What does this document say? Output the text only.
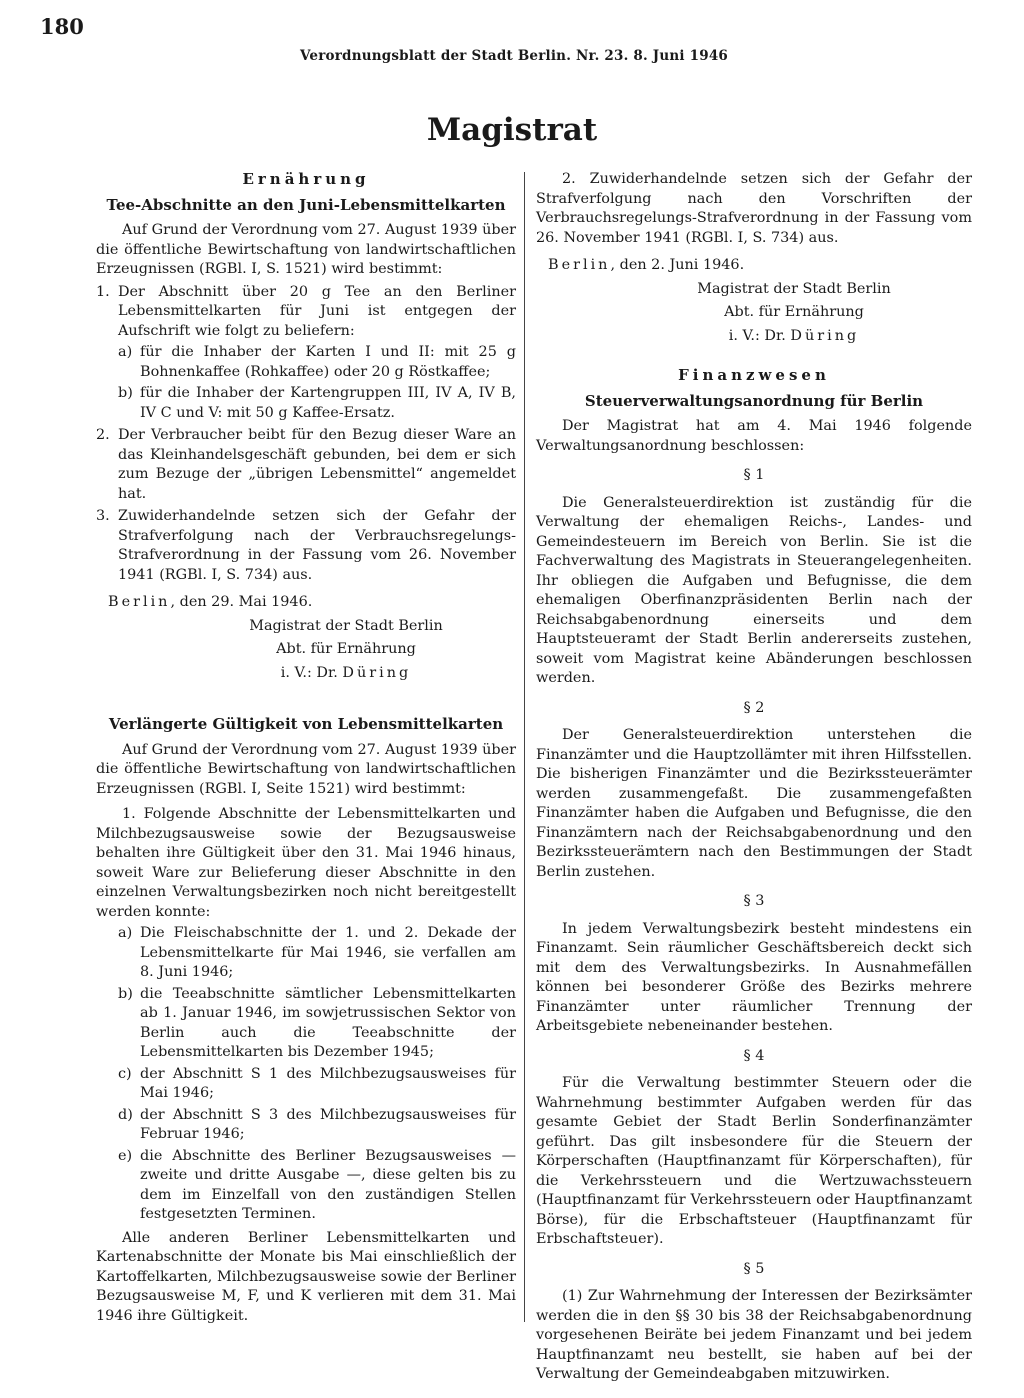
180
Verordnungsblatt der Stadt Berlin. Nr. 23. 8. Juni 1946
Magistrat
Ernährung
Tee-Abschnitte an den Juni-Lebensmittelkarten

Auf Grund der Verordnung vom 27. August 1939 über die öffentliche Bewirtschaftung von landwirtschaftlichen Erzeugnissen (RGBl. I, S. 1521) wird bestimmt:

1. Der Abschnitt über 20 g Tee an den Berliner Lebensmittelkarten für Juni ist entgegen der Aufschrift wie folgt zu beliefern:
a) für die Inhaber der Karten I und II: mit 25 g Bohnenkaffee (Rohkaffee) oder 20 g Röstkaffee;
b) für die Inhaber der Kartengruppen III, IV A, IV B, IV C und V: mit 50 g Kaffee-Ersatz.
2. Der Verbraucher beibt für den Bezug dieser Ware an das Kleinhandelsgeschäft gebunden, bei dem er sich zum Bezuge der „übrigen Lebensmittel“ angemeldet hat.
3. Zuwiderhandelnde setzen sich der Gefahr der Strafverfolgung nach der Verbrauchsregelungs-Strafverordnung in der Fassung vom 26. November 1941 (RGBl. I, S. 734) aus.
Berlin, den 29. Mai 1946.
Magistrat der Stadt Berlin
Abt. für Ernährung
i. V.: Dr. Düring
Verlängerte Gültigkeit von Lebensmittelkarten

Auf Grund der Verordnung vom 27. August 1939 über die öffentliche Bewirtschaftung von landwirtschaftlichen Erzeugnissen (RGBl. I, Seite 1521) wird bestimmt:

1. Folgende Abschnitte der Lebensmittelkarten und Milchbezugsausweise sowie der Bezugsausweise behalten ihre Gültigkeit über den 31. Mai 1946 hinaus, soweit Ware zur Belieferung dieser Abschnitte in den einzelnen Verwaltungsbezirken noch nicht bereitgestellt werden konnte:

a) Die Fleischabschnitte der 1. und 2. Dekade der Lebensmittelkarte für Mai 1946, sie verfallen am 8. Juni 1946;
b) die Teeabschnitte sämtlicher Lebensmittelkarten ab 1. Januar 1946, im sowjetrussischen Sektor von Berlin auch die Teeabschnitte der Lebensmittelkarten bis Dezember 1945;
c) der Abschnitt S 1 des Milchbezugsausweises für Mai 1946;
d) der Abschnitt S 3 des Milchbezugsausweises für Februar 1946;
e) die Abschnitte des Berliner Bezugsausweises — zweite und dritte Ausgabe —, diese gelten bis zu dem im Einzelfall von den zuständigen Stellen festgesetzten Terminen.

Alle anderen Berliner Lebensmittelkarten und Kartenabschnitte der Monate bis Mai einschließlich der Kartoffelkarten, Milchbezugsausweise sowie der Berliner Bezugsausweise M, F, und K verlieren mit dem 31. Mai 1946 ihre Gültigkeit.

2. Zuwiderhandelnde setzen sich der Gefahr der Strafverfolgung nach den Vorschriften der Verbrauchsregelungs-Strafverordnung in der Fassung vom 26. November 1941 (RGBl. I, S. 734) aus.

Berlin, den 2. Juni 1946.
Magistrat der Stadt Berlin
Abt. für Ernährung
i. V.: Dr. Düring
Finanzwesen
Steuerverwaltungsanordnung für Berlin

Der Magistrat hat am 4. Mai 1946 folgende Verwaltungsanordnung beschlossen:

§ 1

Die Generalsteuerdirektion ist zuständig für die Verwaltung der ehemaligen Reichs-, Landes- und Gemeindesteuern im Bereich von Berlin. Sie ist die Fachverwaltung des Magistrats in Steuerangelegenheiten. Ihr obliegen die Aufgaben und Befugnisse, die dem ehemaligen Oberfinanzpräsidenten Berlin nach der Reichsabgabenordnung einerseits und dem Hauptsteueramt der Stadt Berlin andererseits zustehen, soweit vom Magistrat keine Abänderungen beschlossen werden.

§ 2

Der Generalsteuerdirektion unterstehen die Finanzämter und die Hauptzollämter mit ihren Hilfsstellen. Die bisherigen Finanzämter und die Bezirkssteuerämter werden zusammengefaßt. Die zusammengefaßten Finanzämter haben die Aufgaben und Befugnisse, die den Finanzämtern nach der Reichsabgabenordnung und den Bezirkssteuerämtern nach den Bestimmungen der Stadt Berlin zustehen.

§ 3

In jedem Verwaltungsbezirk besteht mindestens ein Finanzamt. Sein räumlicher Geschäftsbereich deckt sich mit dem des Verwaltungsbezirks. In Ausnahmefällen können bei besonderer Größe des Bezirks mehrere Finanzämter unter räumlicher Trennung der Arbeitsgebiete nebeneinander bestehen.

§ 4

Für die Verwaltung bestimmter Steuern oder die Wahrnehmung bestimmter Aufgaben werden für das gesamte Gebiet der Stadt Berlin Sonderfinanzämter geführt. Das gilt insbesondere für die Steuern der Körperschaften (Hauptfinanzamt für Körperschaften), für die Verkehrssteuern und die Wertzuwachssteuern (Hauptfinanzamt für Verkehrssteuern oder Hauptfinanzamt Börse), für die Erbschaftsteuer (Hauptfinanzamt für Erbschaftsteuer).

§ 5

(1) Zur Wahrnehmung der Interessen der Bezirksämter werden die in den §§ 30 bis 38 der Reichsabgabenordnung vorgesehenen Beiräte bei jedem Finanzamt und bei jedem Hauptfinanzamt neu bestellt, sie haben auf bei der Verwaltung der Gemeindeabgaben mitzuwirken.
